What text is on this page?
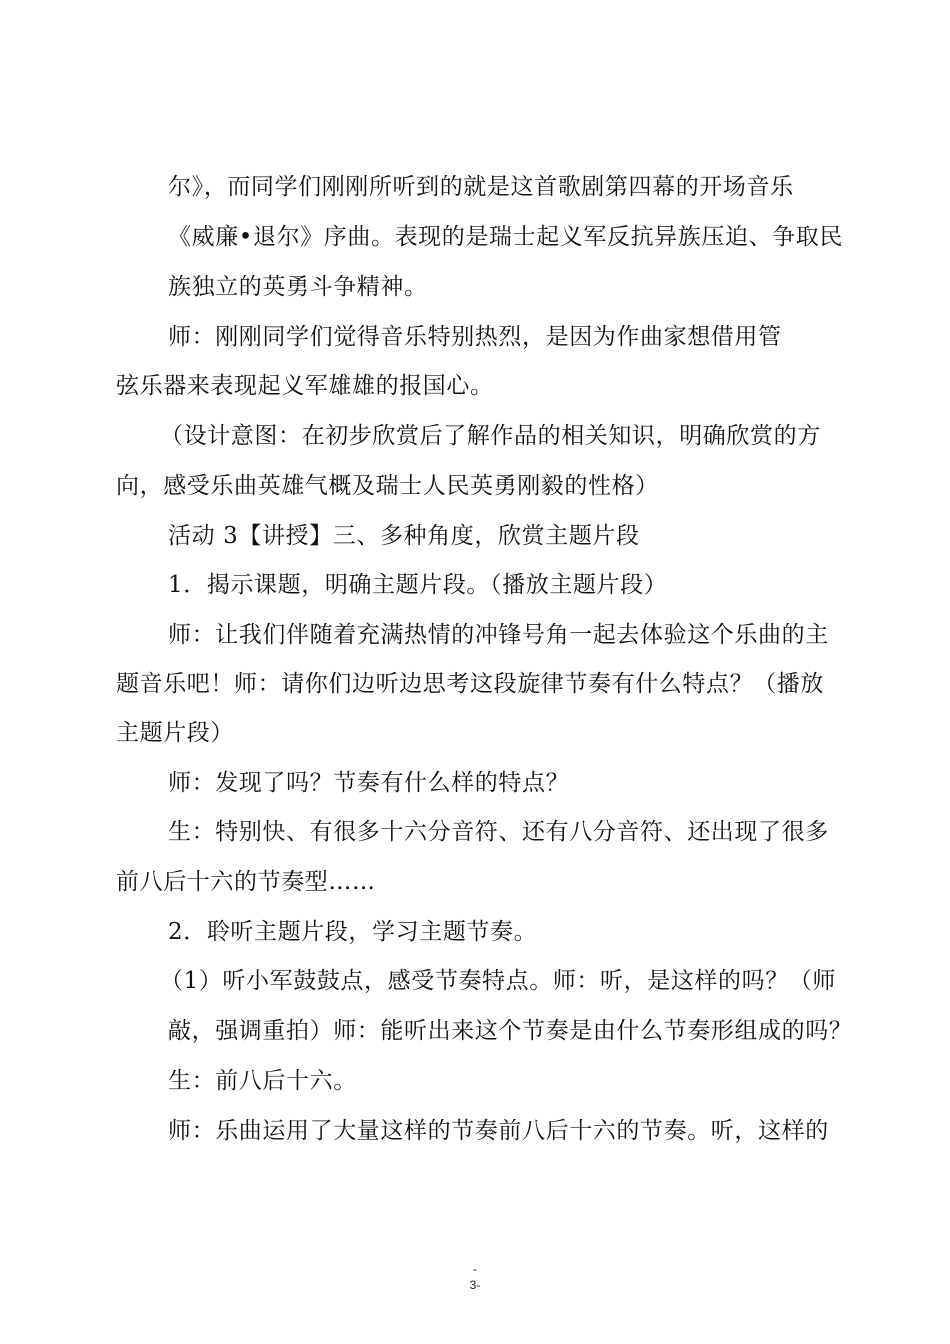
尔》，而同学们刚刚所听到的就是这首歌剧第四幕的开场音乐
《威廉•退尔》序曲。表现的是瑞士起义军反抗异族压迫、争取民
族独立的英勇斗争精神。
师：刚刚同学们觉得音乐特别热烈，是因为作曲家想借用管
弦乐器来表现起义军雄雄的报国心。
（设计意图：在初步欣赏后了解作品的相关知识，明确欣赏的方
向，感受乐曲英雄气概及瑞士人民英勇刚毅的性格）
活动 3【讲授】三、多种角度，欣赏主题片段
1．揭示课题，明确主题片段。（播放主题片段）
师：让我们伴随着充满热情的冲锋号角一起去体验这个乐曲的主
题音乐吧！师：请你们边听边思考这段旋律节奏有什么特点？（播放
主题片段）
师：发现了吗？节奏有什么样的特点？
生：特别快、有很多十六分音符、还有八分音符、还出现了很多
前八后十六的节奏型……
2．聆听主题片段，学习主题节奏。
（1）听小军鼓鼓点，感受节奏特点。师：听，是这样的吗？（师
敲，强调重拍）师：能听出来这个节奏是由什么节奏形组成的吗？
生：前八后十六。
师：乐曲运用了大量这样的节奏前八后十六的节奏。听，这样的
-
3-
